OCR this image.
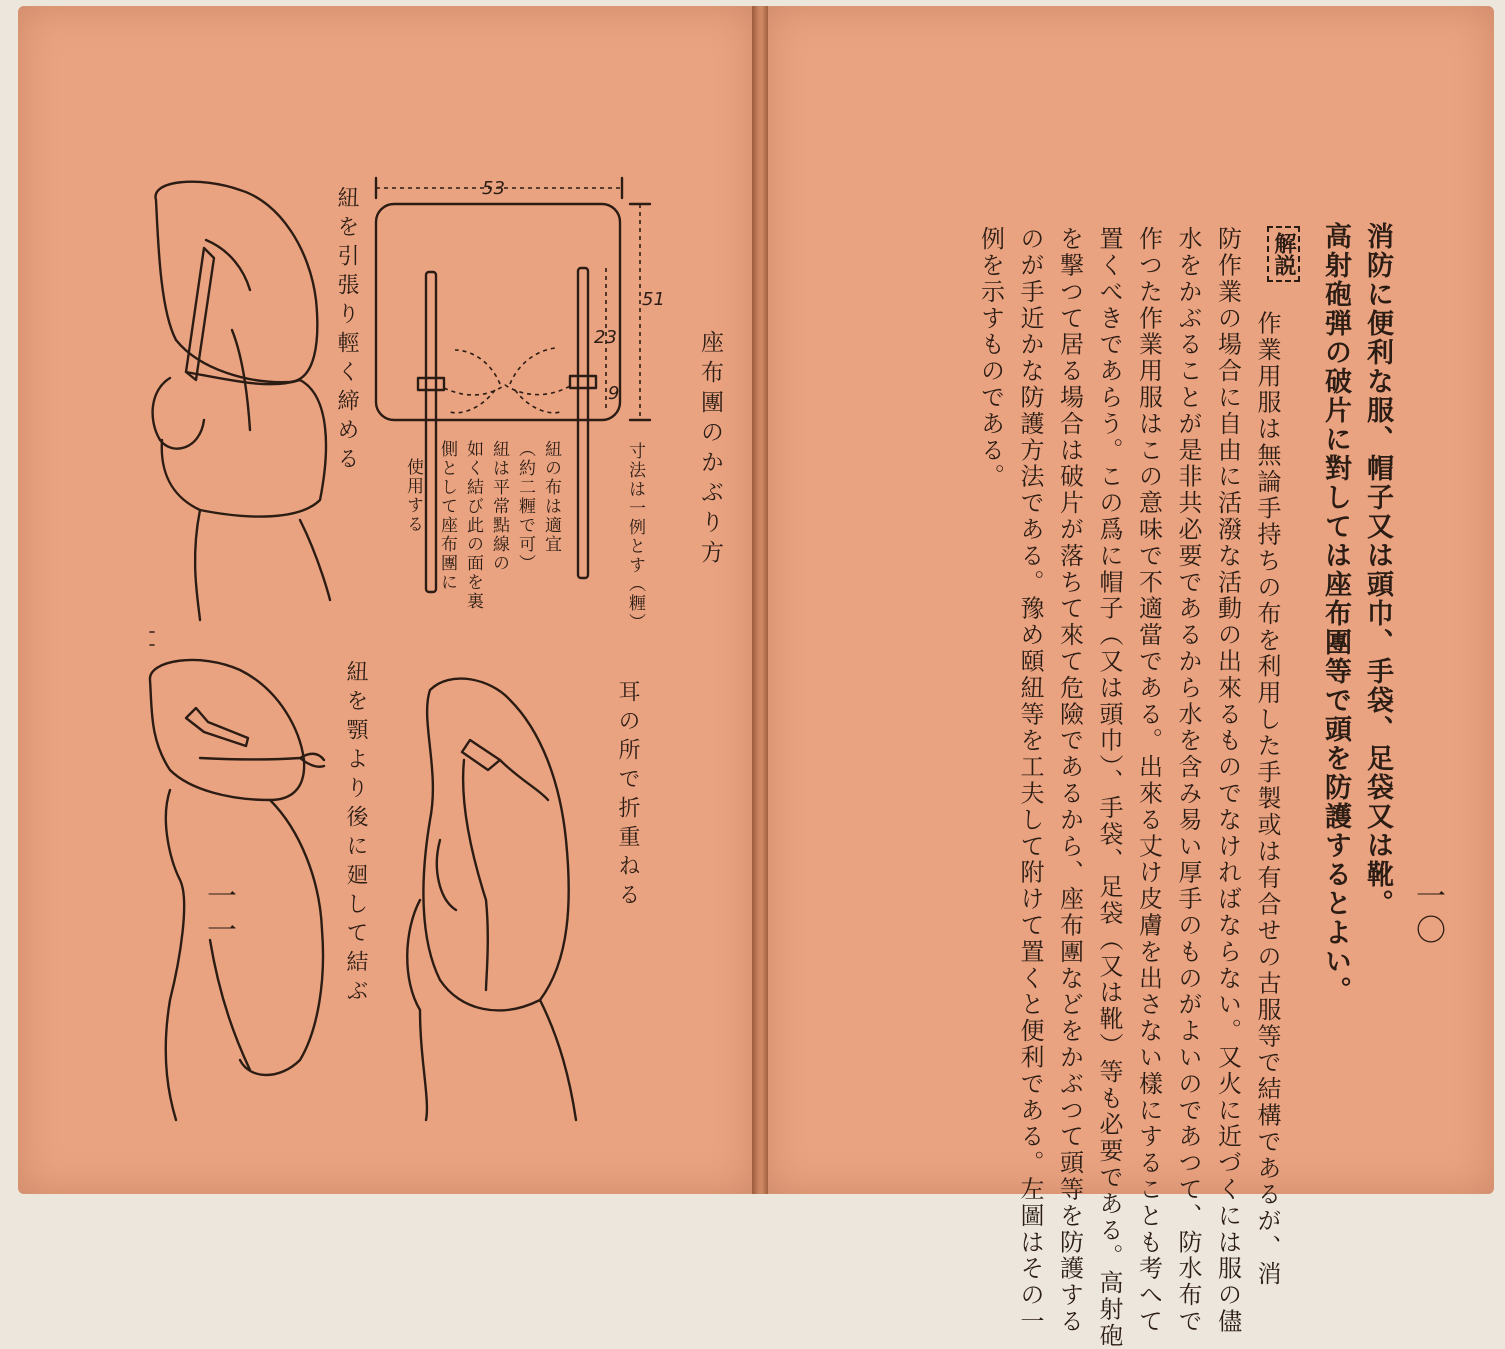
消防に便利な服、帽子又は頭巾、手袋、足袋又は靴。
高射砲弾の破片に對しては座布團等で頭を防護するとよい。
解説

　作業用服は無論手持ちの布を利用した手製或は有合せの古服等で結構であるが、消

防作業の場合に自由に活潑な活動の出來るものでなければならない。又火に近づくには服の儘

水をかぶることが是非共必要であるから水を含み易い厚手のものがよいのであつて、防水布で

作つた作業用服はこの意味で不適當である。出來る丈け皮膚を出さない樣にすることも考へて

置くべきであらう。この爲に帽子（又は頭巾）、手袋、足袋（又は靴）等も必要である。高射砲

を撃つて居る場合は破片が落ちて來て危險であるから、座布團などをかぶつて頭等を防護する

のが手近かな防護方法である。豫め頤紐等を工夫して附けて置くと便利である。左圖はその一

例を示すものである。

一〇
座布團のかぶり方
寸法は一例とす（糎）
紐の布は適宜
（約二糎で可）
紐は平常點線の
如く結び此の面を裏
側として座布團に
使用する
紐を引張り輕く締める
耳の所で折重ねる
紐を顎より後に廻して結ぶ
一一
53
51
23
9
